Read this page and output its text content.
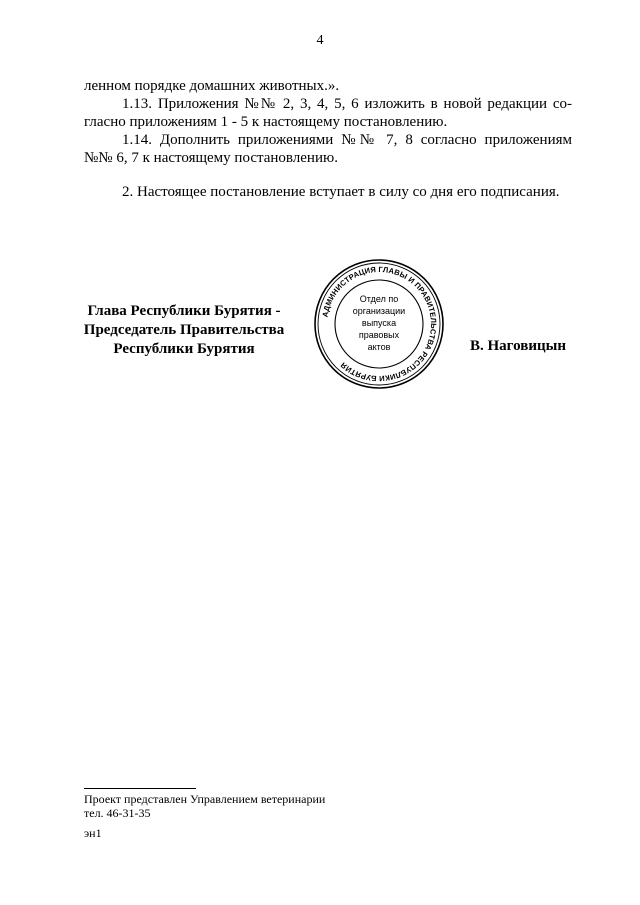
4
ленном порядке домашних животных.».
1.13. Приложения №№ 2, 3, 4, 5, 6 изложить в новой редакции со-
гласно приложениям 1 - 5 к настоящему постановлению.
1.14. Дополнить приложениями №№ 7, 8 согласно приложениям
№№ 6, 7 к настоящему постановлению.
2. Настоящее постановление вступает в силу со дня его подписания.
Глава Республики Бурятия -
Председатель Правительства
Республики Бурятия
АДМИНИСТРАЦИЯ ГЛАВЫ И ПРАВИТЕЛЬСТВА РЕСПУБЛИКИ БУРЯТИЯ
Отдел по
организации
выпуска
правовых
актов	В. Наговицын
Проект представлен Управлением ветеринарии
тел. 46-31-35
эн1
